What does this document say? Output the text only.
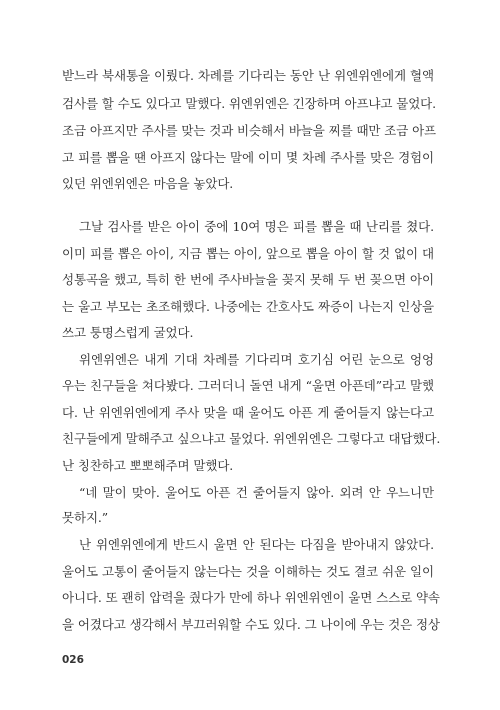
받느라 북새통을 이뤘다. 차례를 기다리는 동안 난 위엔위엔에게 혈액
검사를 할 수도 있다고 말했다. 위엔위엔은 긴장하며 아프냐고 물었다.
조금 아프지만 주사를 맞는 것과 비슷해서 바늘을 찌를 때만 조금 아프
고 피를 뽑을 땐 아프지 않다는 말에 이미 몇 차례 주사를 맞은 경험이
있던 위엔위엔은 마음을 놓았다.
그날 검사를 받은 아이 중에 10여 명은 피를 뽑을 때 난리를 쳤다.
이미 피를 뽑은 아이, 지금 뽑는 아이, 앞으로 뽑을 아이 할 것 없이 대
성통곡을 했고, 특히 한 번에 주사바늘을 꽂지 못해 두 번 꽂으면 아이
는 울고 부모는 초조해했다. 나중에는 간호사도 짜증이 나는지 인상을
쓰고 퉁명스럽게 굴었다.
위엔위엔은 내게 기대 차례를 기다리며 호기심 어린 눈으로 엉엉
우는 친구들을 쳐다봤다. 그러더니 돌연 내게 “울면 아픈데”라고 말했
다. 난 위엔위엔에게 주사 맞을 때 울어도 아픈 게 줄어들지 않는다고
친구들에게 말해주고 싶으냐고 물었다. 위엔위엔은 그렇다고 대답했다.
난 칭찬하고 뽀뽀해주며 말했다.
“네 말이 맞아. 울어도 아픈 건 줄어들지 않아. 외려 안 우느니만
못하지.”
난 위엔위엔에게 반드시 울면 안 된다는 다짐을 받아내지 않았다.
울어도 고통이 줄어들지 않는다는 것을 이해하는 것도 결코 쉬운 일이
아니다. 또 괜히 압력을 줬다가 만에 하나 위엔위엔이 울면 스스로 약속
을 어겼다고 생각해서 부끄러워할 수도 있다. 그 나이에 우는 것은 정상
026
